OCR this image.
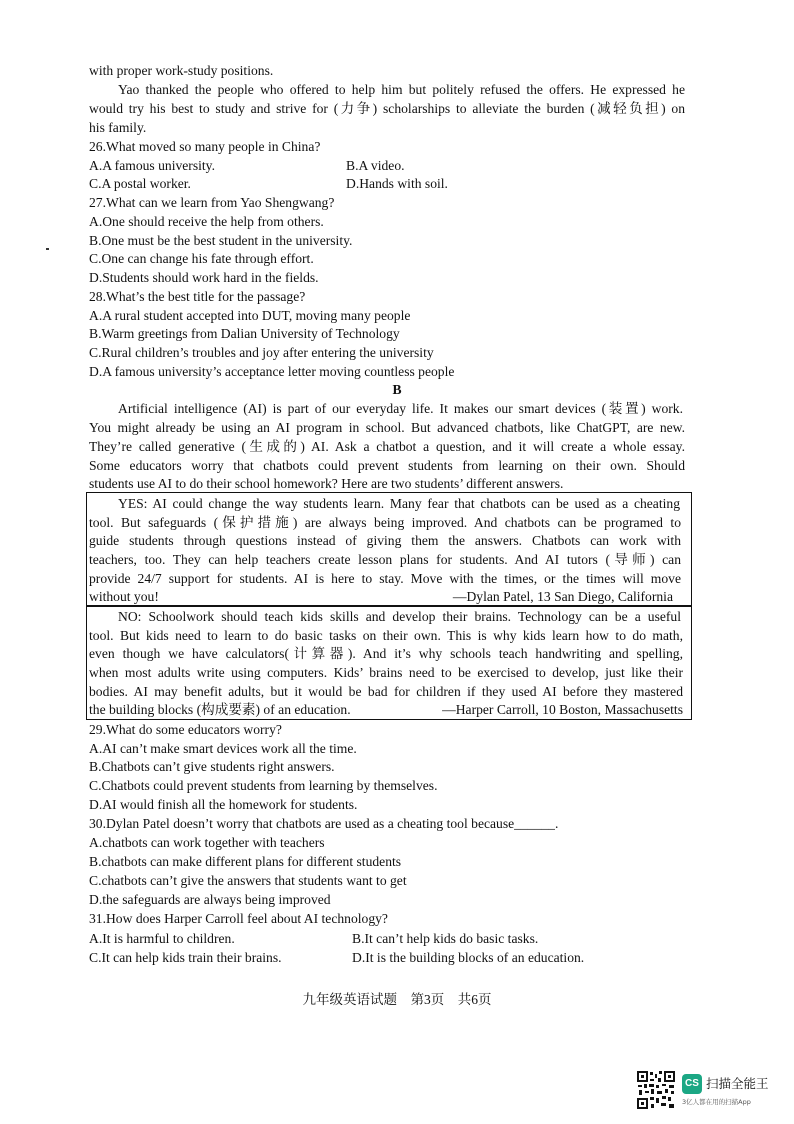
with proper work-study positions.
Yao thanked the people who offered to help him but politely refused the offers. He expressed he
would try his best to study and strive for (力争) scholarships to alleviate the burden (减轻负担) on
his family.
26.What moved so many people in China?
A.A famous university.	B.A video.
C.A postal worker.	D.Hands with soil.
27.What can we learn from Yao Shengwang?
A.One should receive the help from others.
B.One must be the best student in the university.
C.One can change his fate through effort.
D.Students should work hard in the fields.
28.What’s the best title for the passage?
A.A rural student accepted into DUT, moving many people
B.Warm greetings from Dalian University of Technology
C.Rural children’s troubles and joy after entering the university
D.A famous university’s acceptance letter moving countless people
B
Artificial intelligence (AI) is part of our everyday life. It makes our smart devices (装置) work.
You might already be using an AI program in school. But advanced chatbots, like ChatGPT, are new.
They’re called generative (生成的) AI. Ask a chatbot a question, and it will create a whole essay.
Some educators worry that chatbots could prevent students from learning on their own. Should
students use AI to do their school homework? Here are two students’ different answers.
YES: AI could change the way students learn. Many fear that chatbots can be used as a cheating
tool. But safeguards (保护措施) are always being improved. And chatbots can be programed to
guide students through questions instead of giving them the answers. Chatbots can work with
teachers, too. They can help teachers create lesson plans for students. And AI tutors (导师) can
provide 24/7 support for students. AI is here to stay. Move with the times, or the times will move
without you!	—Dylan Patel, 13 San Diego, California
NO: Schoolwork should teach kids skills and develop their brains. Technology can be a useful
tool. But kids need to learn to do basic tasks on their own. This is why kids learn how to do math,
even though we have calculators(计算器). And it’s why schools teach handwriting and spelling,
when most adults write using computers. Kids’ brains need to be exercised to develop, just like their
bodies. AI may benefit adults, but it would be bad for children if they used AI before they mastered
the building blocks (构成要素) of an education.	—Harper Carroll, 10 Boston, Massachusetts
29.What do some educators worry?
A.AI can’t make smart devices work all the time.
B.Chatbots can’t give students right answers.
C.Chatbots could prevent students from learning by themselves.
D.AI would finish all the homework for students.
30.Dylan Patel doesn’t worry that chatbots are used as a cheating tool because______.
A.chatbots can work together with teachers
B.chatbots can make different plans for different students
C.chatbots can’t give the answers that students want to get
D.the safeguards are always being improved
31.How does Harper Carroll feel about AI technology?
A.It is harmful to children.	B.It can’t help kids do basic tasks.
C.It can help kids train their brains.	D.It is the building blocks of an education.
九年级英语试题　第3页　共6页
CS 扫描全能王
3亿人都在用的扫描App
